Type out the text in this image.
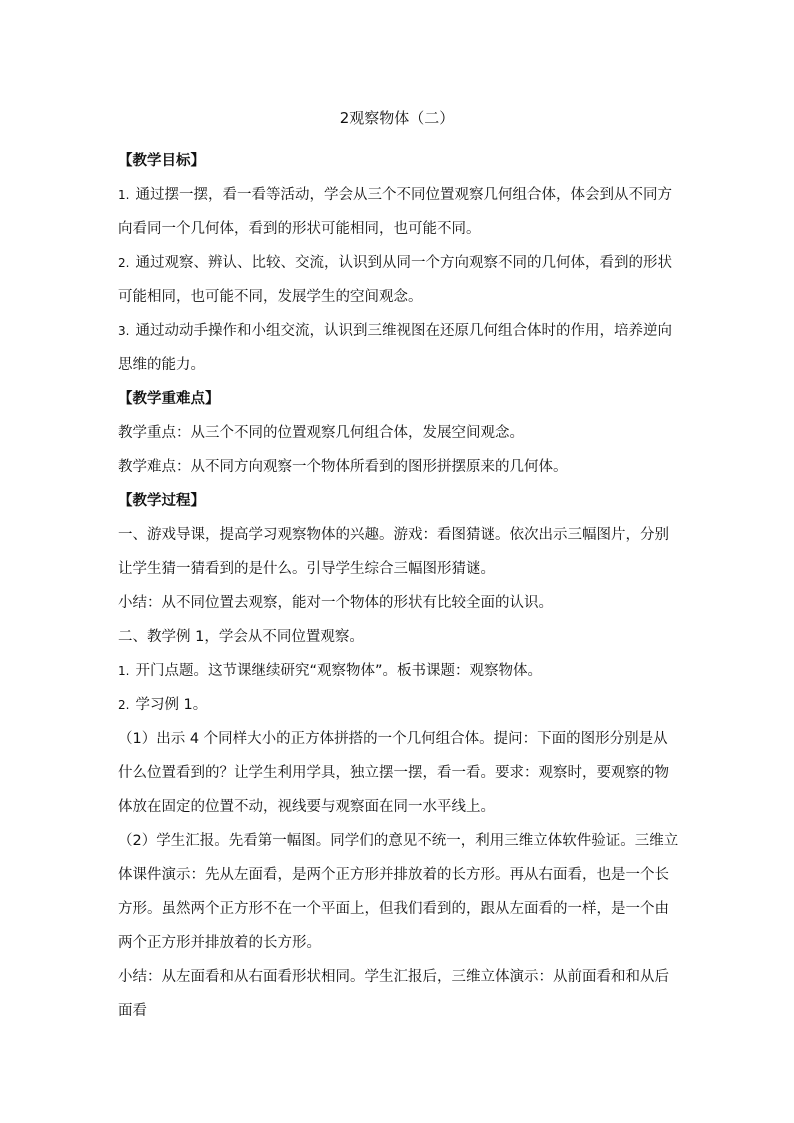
2观察物体（二）

【教学目标】

1. 通过摆一摆，看一看等活动，学会从三个不同位置观察几何组合体，体会到从不同方向看同一个几何体，看到的形状可能相同，也可能不同。

2. 通过观察、辨认、比较、交流，认识到从同一个方向观察不同的几何体，看到的形状可能相同，也可能不同，发展学生的空间观念。

3. 通过动动手操作和小组交流，认识到三维视图在还原几何组合体时的作用，培养逆向思维的能力。

【教学重难点】

教学重点：从三个不同的位置观察几何组合体，发展空间观念。

教学难点：从不同方向观察一个物体所看到的图形拼摆原来的几何体。

【教学过程】

一、游戏导课，提高学习观察物体的兴趣。游戏：看图猜谜。依次出示三幅图片，分别让学生猜一猜看到的是什么。引导学生综合三幅图形猜谜。

小结：从不同位置去观察，能对一个物体的形状有比较全面的认识。

二、教学例 1，学会从不同位置观察。

1. 开门点题。这节课继续研究“观察物体”。板书课题：观察物体。

2. 学习例 1。

（1）出示 4 个同样大小的正方体拼搭的一个几何组合体。提问：下面的图形分别是从什么位置看到的？让学生利用学具，独立摆一摆，看一看。要求：观察时，要观察的物体放在固定的位置不动，视线要与观察面在同一水平线上。

（2）学生汇报。先看第一幅图。同学们的意见不统一，利用三维立体软件验证。三维立体课件演示：先从左面看，是两个正方形并排放着的长方形。再从右面看，也是一个长方形。虽然两个正方形不在一个平面上，但我们看到的，跟从左面看的一样，是一个由两个正方形并排放着的长方形。

小结：从左面看和从右面看形状相同。学生汇报后，三维立体演示：从前面看和和从后面看
